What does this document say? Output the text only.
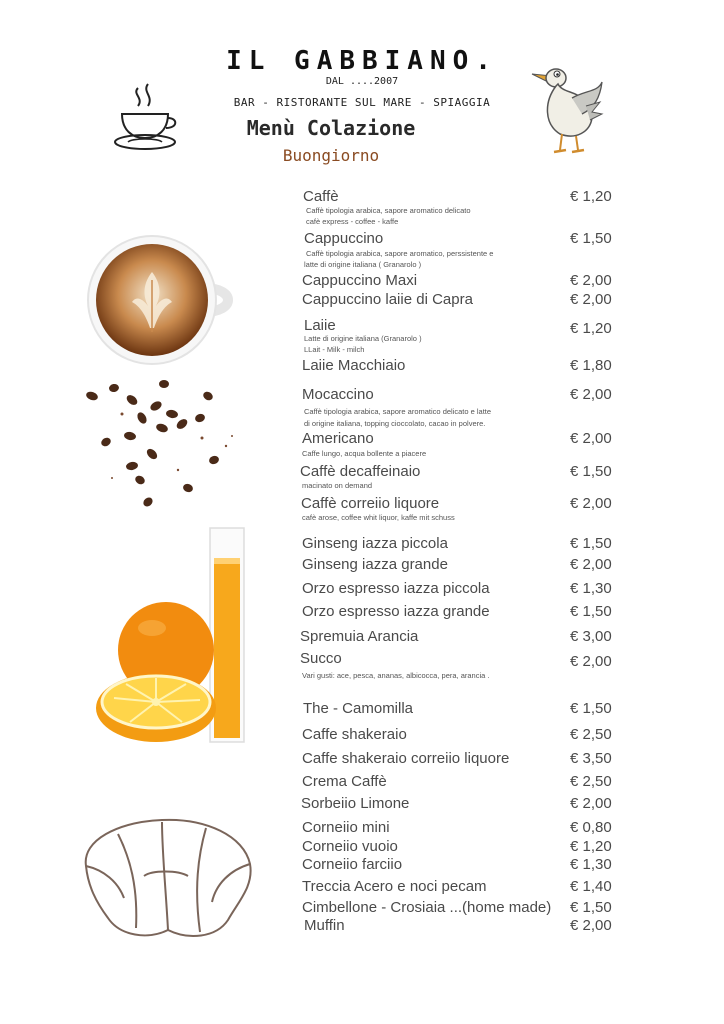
IL GABBIANO.
DAL ....2007
BAR - RISTORANTE SUL MARE - SPIAGGIA
Menù Colazione
Buongiorno
Caffè	€ 1,20
Caffè tipologia arabica, sapore aromatico delicato
cafè express - coffee - kaffe
Cappuccino	€ 1,50
Caffè tipologia arabica, sapore aromatico, perssistente e
latte di origine italiana ( Granarolo )
Cappuccino Maxi	€ 2,00
Cappuccino laiie di Capra	€ 2,00
Laiie	€ 1,20
Latte di origine italiana (Granarolo )
LLait - Milk - milch
Laiie Macchiaio	€ 1,80
Mocaccino	€ 2,00
Caffè tipologia arabica, sapore aromatico delicato e latte
di origine italiana, topping cioccolato, cacao in polvere.
Americano	€ 2,00
Caffe lungo, acqua bollente a piacere
Caffè decaffeinaio	€ 1,50
macinato on demand
Caffè correiio liquore	€ 2,00
cafè arose, coffee whit liquor, kaffe mit schuss
Ginseng iazza piccola	€ 1,50
Ginseng iazza grande	€ 2,00
Orzo espresso iazza piccola	€ 1,30
Orzo espresso iazza grande	€ 1,50
Spremuia Arancia	€ 3,00
Succo	€ 2,00
Vari gusti: ace, pesca, ananas, albicocca, pera, arancia .
The - Camomilla	€ 1,50
Caffe shakeraio	€ 2,50
Caffe shakeraio correiio liquore	€ 3,50
Crema Caffè	€ 2,50
Sorbeiio Limone	€ 2,00
Corneiio mini	€ 0,80
Corneiio vuoio	€ 1,20
Corneiio farciio	€ 1,30
Treccia Acero e noci pecam	€ 1,40
Cimbellone - Crosiaia ...(home made) € 1,50
Muffin	€ 2,00
